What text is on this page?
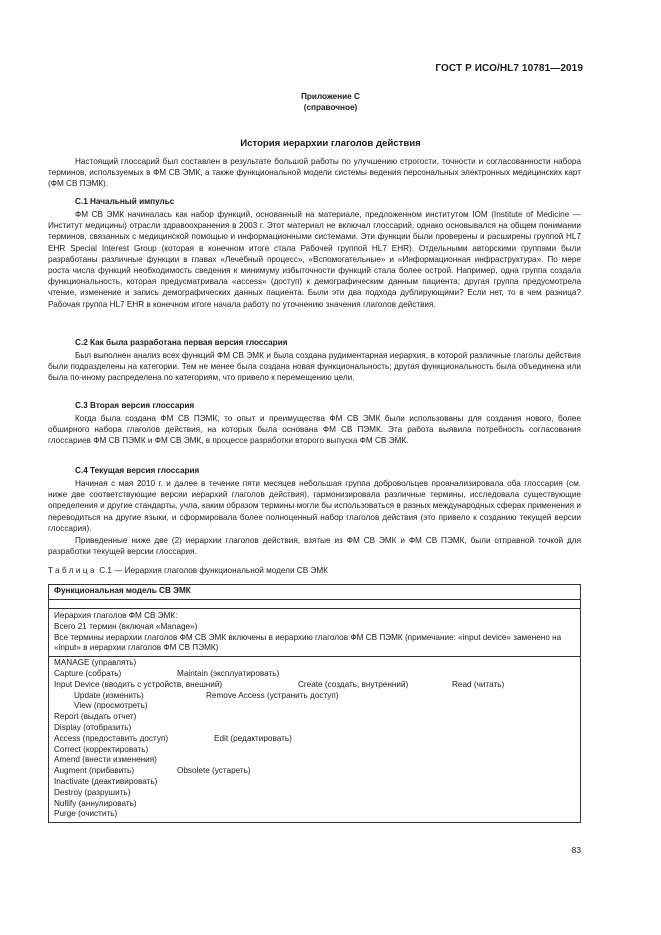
ГОСТ Р ИСО/HL7 10781—2019
Приложение С
(справочное)
История иерархии глаголов действия

Настоящий глоссарий был составлен в результате большой работы по улучшению строгости, точности и согласованности набора терминов, используемых в ФМ СВ ЭМК, а также функциональной модели системы ведения персональных электронных медицинских карт (ФМ СВ ПЭМК).

С.1 Начальный импульс

ФМ СВ ЭМК начиналась как набор функций, основанный на материале, предложенном институтом IOM (Institute of Medicine — Институт медицины) отрасли здравоохранения в 2003 г. Этот материал не включал глоссарий, однако основывался на общем понимании терминов, связанных с медицинской помощью и информационными системами. Эти функции были проверены и расширены группой HL7 EHR Special Interest Group (которая в конечном итоге стала Рабочей группой HL7 EHR). Отдельными авторскими группами были разработаны различные функции в главах «Лечебный процесс», «Вспомогательные» и «Информационная инфраструктура». По мере роста числа функций необходимость сведения к минимуму избыточности функций стала более острой. Например, одна группа создала функциональность, которая предусматривала «access» (доступ) к демографическим данным пациента; другая группа предусмотрела чтение, изменение и запись демографических данных пациента. Были эти два подхода дублирующими? Если нет, то в чем разница? Рабочая группа HL7 EHR в конечном итоге начала работу по уточнению значения глаголов действия.

С.2 Как была разработана первая версия глоссария

Был выполнен анализ всех функций ФМ СВ ЭМК и была создана рудиментарная иерархия, в которой различные глаголы действия были подразделены на категории. Тем не менее была создана новая функциональность; другая функциональность была объединена или была по-иному распределена по категориям, что привело к перемещению цели.

С.3 Вторая версия глоссария

Когда была создана ФМ СВ ПЭМК, то опыт и преимущества ФМ СВ ЭМК были использованы для создания нового, более обширного набора глаголов действия, на которых была основана ФМ СВ ПЭМК. Эта работа выявила потребность согласования глоссариев ФМ СВ ПЭМК и ФМ СВ ЭМК, в процессе разработки второго выпуска ФМ СВ ЭМК.

С.4 Текущая версия глоссария

Начиная с мая 2010 г. и далее в течение пяти месяцев небольшая группа добровольцев проанализировала оба глоссария (см. ниже две соответствующие версии иерархий глаголов действия), гармонизировала различные термины, исследовала существующие определения и другие стандарты, учла, каким образом термины могли бы использоваться в разных международных сферах применения и переводиться на другие языки, и сформировала более полноценный набор глаголов действия (это привело к созданию текущей версии глоссария).

Приведенные ниже две (2) иерархии глаголов действия, взятые из ФМ СВ ЭМК и ФМ СВ ПЭМК, были отправной точкой для разработки текущей версии глоссария.

Таблица С.1 — Иерархия глаголов функциональной модели СВ ЭМК
Функциональная модель СВ ЭМК
Иерархия глаголов ФМ СВ ЭМК:
Всего 21 термин (включая «Manage»)
Все термины иерархии глаголов ФМ СВ ЭМК включены в иерархию глаголов ФМ СВ ПЭМК (примечание: «input device» заменено на «input» в иерархии глаголов ФМ СВ ПЭМК)
MANAGE (управлять)
Capture (собрать)	Maintain (эксплуатировать)
Input Device (вводить с устройств, внешний)	Create (создать, внутренний)	Read (читать)
Update (изменить)	Remove Access (устранить доступ)
View (просмотреть)
Report (выдать отчет)
Display (отобразить)
Access (предоставить доступ)	Edit (редактировать)
Correct (корректировать)
Amend (внести изменения)
Augment (прибавить)	Obsolete (устареть)
Inactivate (деактивировать)
Destroy (разрушить)
Nullify (аннулировать)
Purge (очистить)
83
